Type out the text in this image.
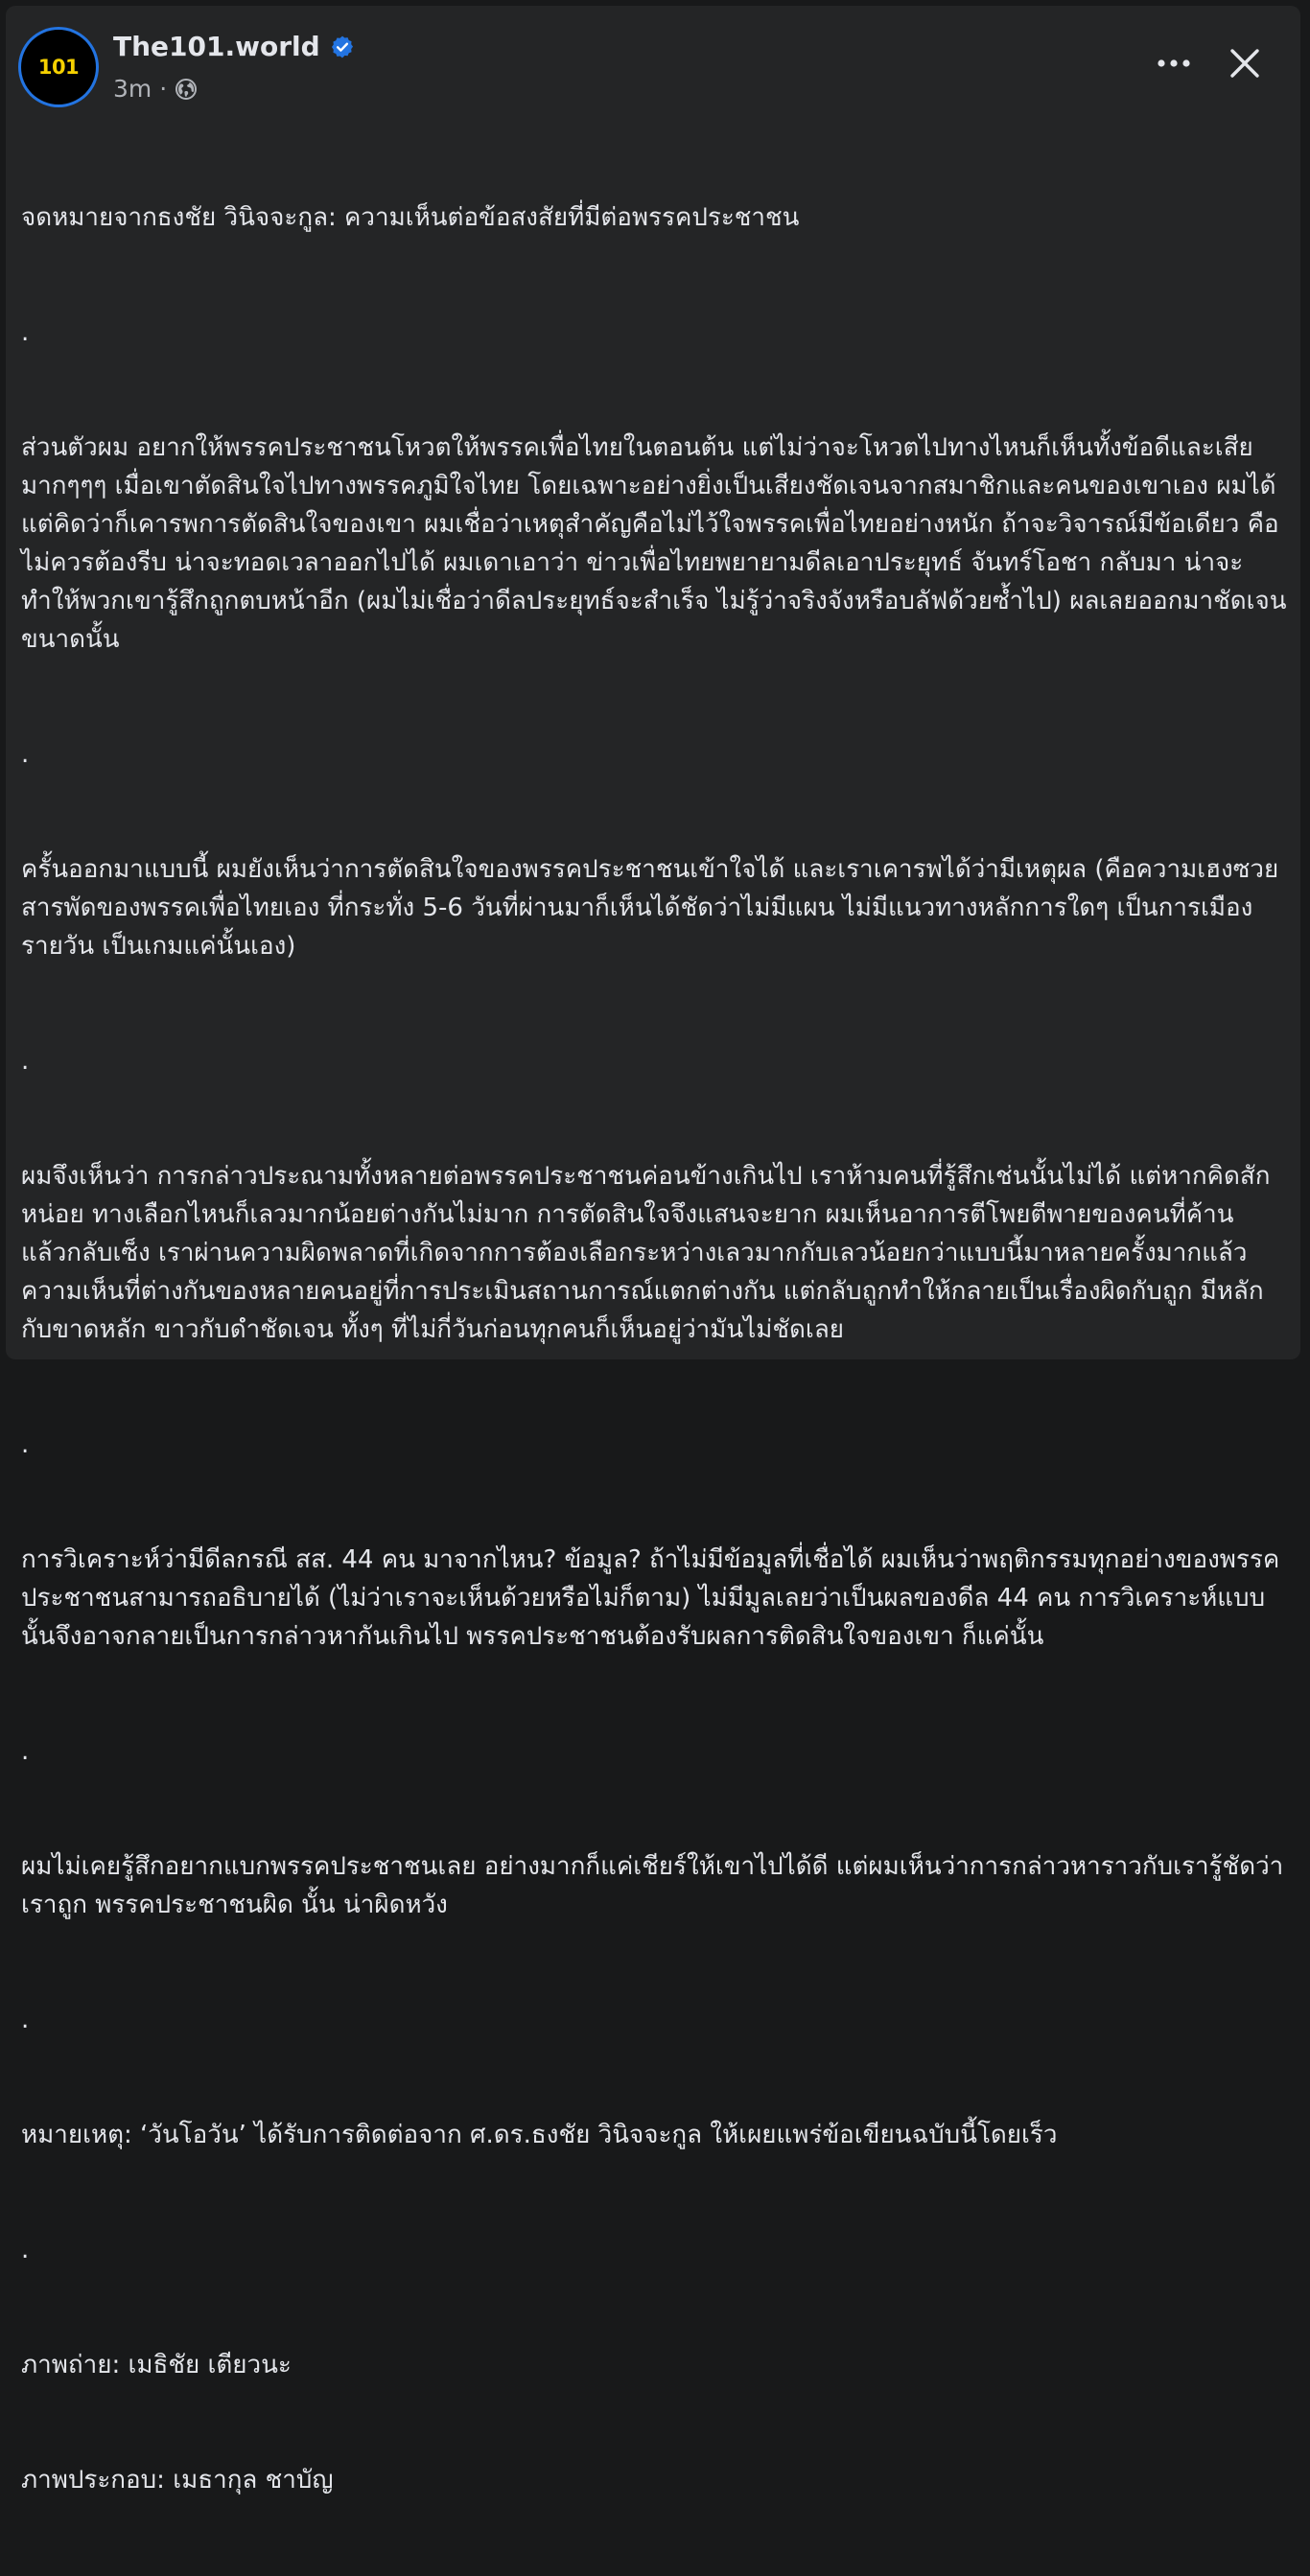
101
The101.world
3m ·

จดหมายจากธงชัย วินิจจะกูล: ความเห็นต่อข้อสงสัยที่มีต่อพรรคประชาชน

.

ส่วนตัวผม อยากให้พรรคประชาชนโหวตให้พรรคเพื่อไทยในตอนต้น แต่ไม่ว่าจะโหวตไปทางไหนก็เห็นทั้งข้อดีและเสียมากๆๆๆ เมื่อเขาตัดสินใจไปทางพรรคภูมิใจไทย โดยเฉพาะอย่างยิ่งเป็นเสียงชัดเจนจากสมาชิกและคนของเขาเอง ผมได้แต่คิดว่าก็เคารพการตัดสินใจของเขา ผมเชื่อว่าเหตุสำคัญคือไม่ไว้ใจพรรคเพื่อไทยอย่างหนัก ถ้าจะวิจารณ์มีข้อเดียว คือไม่ควรต้องรีบ น่าจะทอดเวลาออกไปได้ ผมเดาเอาว่า ข่าวเพื่อไทยพยายามดีลเอาประยุทธ์ จันทร์โอชา กลับมา น่าจะทำให้พวกเขารู้สึกถูกตบหน้าอีก (ผมไม่เชื่อว่าดีลประยุทธ์จะสำเร็จ ไม่รู้ว่าจริงจังหรือบลัฟด้วยซ้ำไป) ผลเลยออกมาชัดเจนขนาดนั้น

.

ครั้นออกมาแบบนี้ ผมยังเห็นว่าการตัดสินใจของพรรคประชาชนเข้าใจได้ และเราเคารพได้ว่ามีเหตุผล (คือความเฮงซวยสารพัดของพรรคเพื่อไทยเอง ที่กระทั่ง 5-6 วันที่ผ่านมาก็เห็นได้ชัดว่าไม่มีแผน ไม่มีแนวทางหลักการใดๆ เป็นการเมืองรายวัน เป็นเกมแค่นั้นเอง)

.

ผมจึงเห็นว่า การกล่าวประณามทั้งหลายต่อพรรคประชาชนค่อนข้างเกินไป เราห้ามคนที่รู้สึกเช่นนั้นไม่ได้ แต่หากคิดสักหน่อย ทางเลือกไหนก็เลวมากน้อยต่างกันไม่มาก การตัดสินใจจึงแสนจะยาก ผมเห็นอาการตีโพยตีพายของคนที่ค้านแล้วกลับเซ็ง เราผ่านความผิดพลาดที่เกิดจากการต้องเลือกระหว่างเลวมากกับเลวน้อยกว่าแบบนี้มาหลายครั้งมากแล้ว ความเห็นที่ต่างกันของหลายคนอยู่ที่การประเมินสถานการณ์แตกต่างกัน แต่กลับถูกทำให้กลายเป็นเรื่องผิดกับถูก มีหลักกับขาดหลัก ขาวกับดำชัดเจน ทั้งๆ ที่ไม่กี่วันก่อนทุกคนก็เห็นอยู่ว่ามันไม่ชัดเลย

.

การวิเคราะห์ว่ามีดีลกรณี สส. 44 คน มาจากไหน? ข้อมูล? ถ้าไม่มีข้อมูลที่เชื่อได้ ผมเห็นว่าพฤติกรรมทุกอย่างของพรรคประชาชนสามารถอธิบายได้ (ไม่ว่าเราจะเห็นด้วยหรือไม่ก็ตาม) ไม่มีมูลเลยว่าเป็นผลของดีล 44 คน การวิเคราะห์แบบนั้นจึงอาจกลายเป็นการกล่าวหากันเกินไป พรรคประชาชนต้องรับผลการติดสินใจของเขา ก็แค่นั้น

.

ผมไม่เคยรู้สึกอยากแบกพรรคประชาชนเลย อย่างมากก็แค่เชียร์ให้เขาไปได้ดี แต่ผมเห็นว่าการกล่าวหาราวกับเรารู้ชัดว่าเราถูก พรรคประชาชนผิด นั้น น่าผิดหวัง

.

หมายเหตุ: ‘วันโอวัน’ ได้รับการติดต่อจาก ศ.ดร.ธงชัย วินิจจะกูล ให้เผยแพร่ข้อเขียนฉบับนี้โดยเร็ว

.

ภาพถ่าย: เมธิชัย เตียวนะ

ภาพประกอบ: เมธากุล ชาบัญ
